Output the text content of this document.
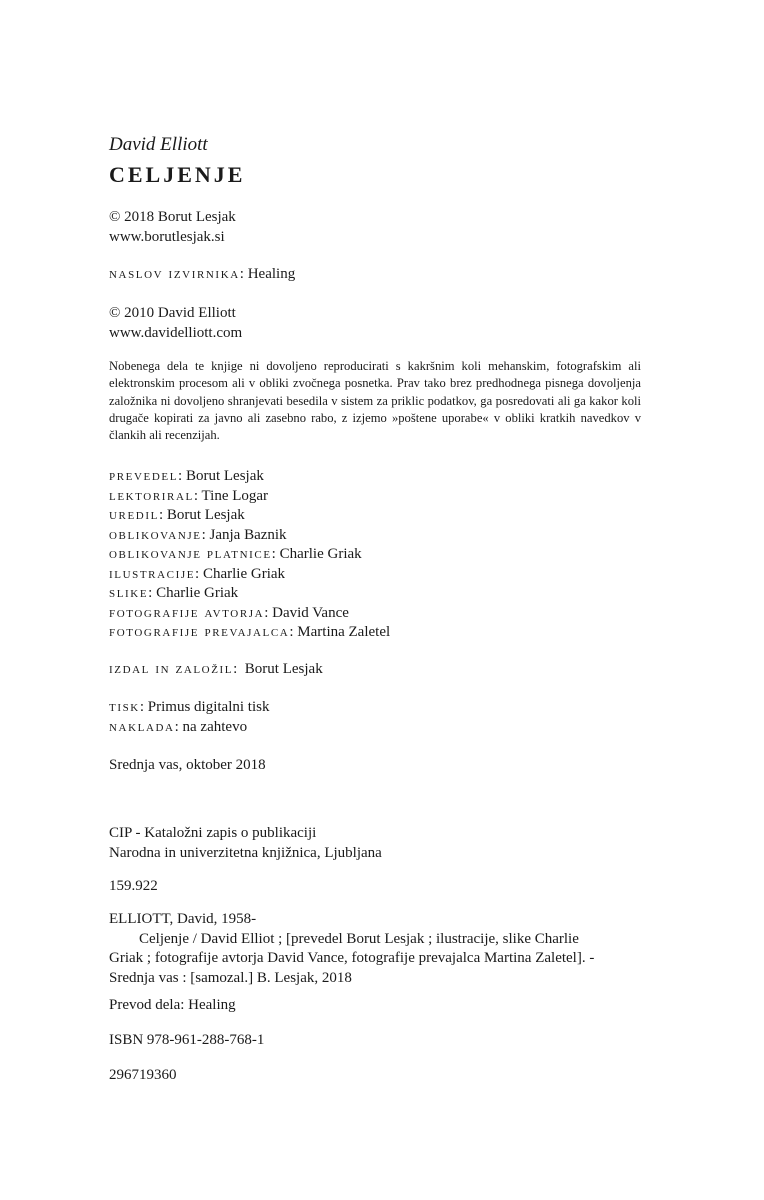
David Elliott
CELJENJE
© 2018 Borut Lesjak
www.borutlesjak.si
naslov izvirnika: Healing
© 2010 David Elliott
www.davidelliott.com
Nobenega dela te knjige ni dovoljeno reproducirati s kakršnim koli mehanskim, fotografskim ali elektronskim procesom ali v obliki zvočnega posnetka. Prav tako brez predhodnega pisnega dovoljenja založnika ni dovoljeno shranjevati besedila v sistem za priklic podatkov, ga posredovati ali ga kakor koli drugače kopirati za javno ali zasebno rabo, z izjemo »poštene uporabe« v obliki kratkih navedkov v člankih ali recenzijah.
prevedel: Borut Lesjak
lektoriral: Tine Logar
uredil: Borut Lesjak
oblikovanje: Janja Baznik
oblikovanje platnice: Charlie Griak
ilustracije: Charlie Griak
slike: Charlie Griak
fotografije avtorja: David Vance
fotografije prevajalca: Martina Zaletel
izdal in založil:  Borut Lesjak
tisk: Primus digitalni tisk
naklada: na zahtevo
Srednja vas, oktober 2018
CIP - Kataložni zapis o publikaciji
Narodna in univerzitetna knjižnica, Ljubljana
159.922
ELLIOTT, David, 1958-
Celjenje / David Elliot ; [prevedel Borut Lesjak ; ilustracije, slike Charlie
Griak ; fotografije avtorja David Vance, fotografije prevajalca Martina Zaletel]. -
Srednja vas : [samozal.] B. Lesjak, 2018
Prevod dela: Healing
ISBN 978-961-288-768-1
296719360
